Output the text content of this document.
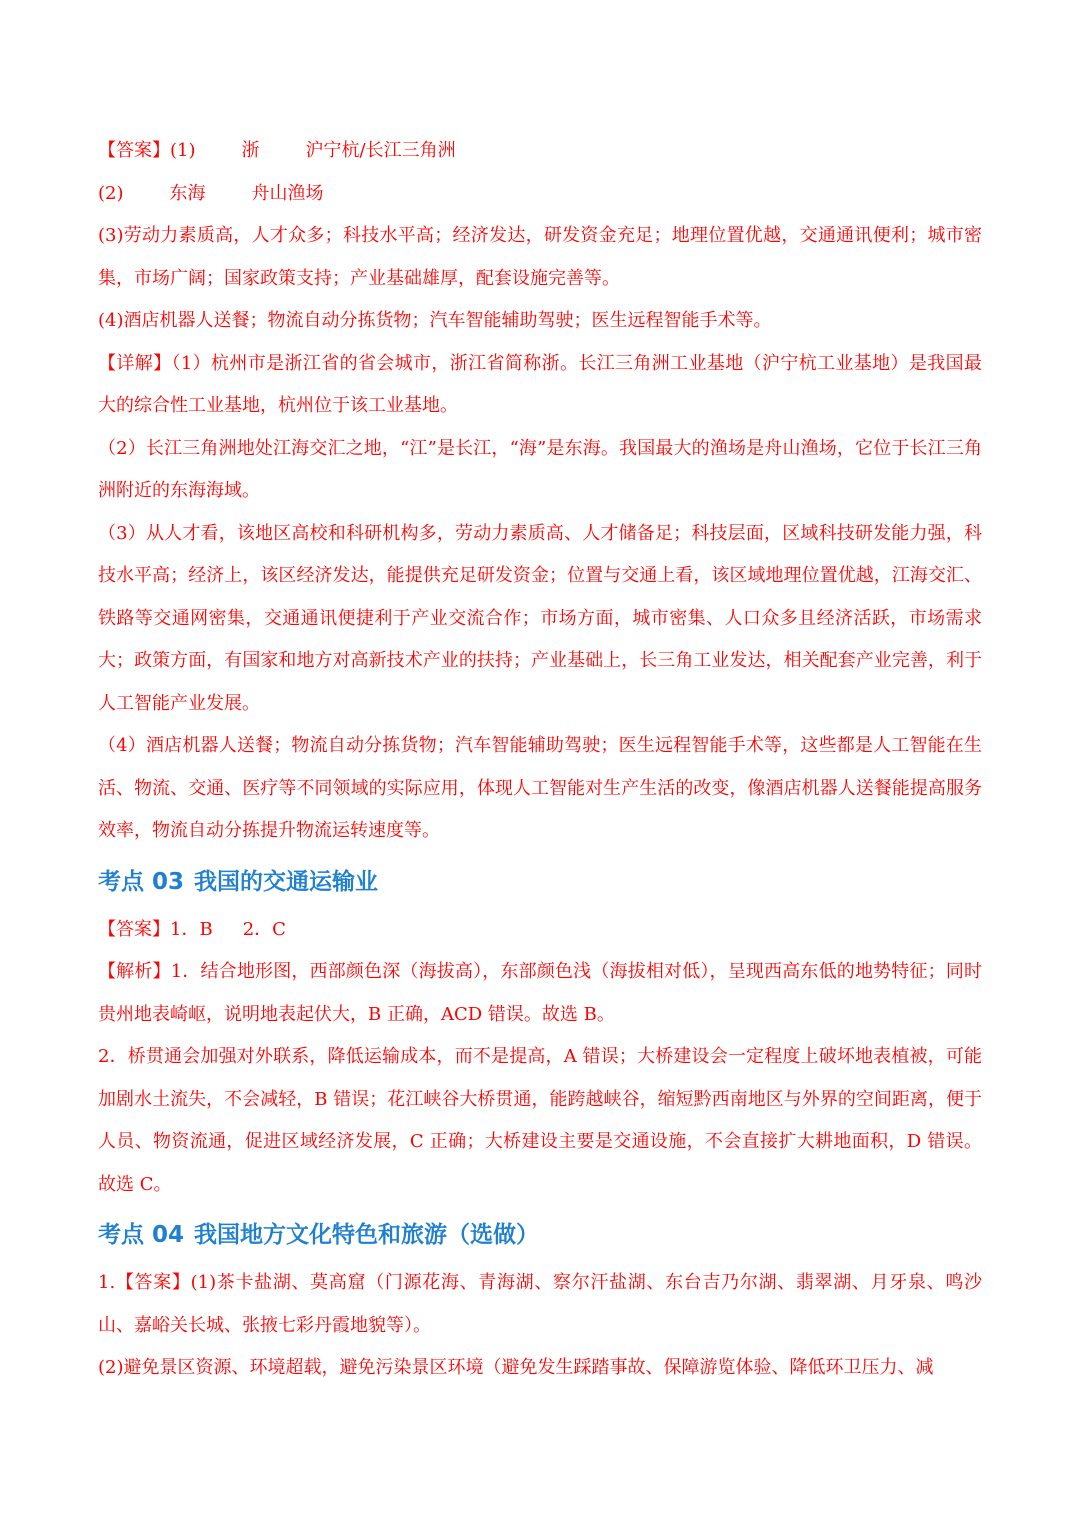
【答案】(1)	浙	沪宁杭/长江三角洲

(2)	东海	舟山渔场

(3)劳动力素质高，人才众多；科技水平高；经济发达，研发资金充足；地理位置优越，交通通讯便利；城市密集，市场广阔；国家政策支持；产业基础雄厚，配套设施完善等。

(4)酒店机器人送餐；物流自动分拣货物；汽车智能辅助驾驶；医生远程智能手术等。

【详解】（1）杭州市是浙江省的省会城市，浙江省简称浙。长江三角洲工业基地（沪宁杭工业基地）是我国最大的综合性工业基地，杭州位于该工业基地。

（2）长江三角洲地处江海交汇之地，“江”是长江，“海”是东海。我国最大的渔场是舟山渔场，它位于长江三角洲附近的东海海域。

（3）从人才看，该地区高校和科研机构多，劳动力素质高、人才储备足；科技层面，区域科技研发能力强，科技水平高；经济上，该区经济发达，能提供充足研发资金；位置与交通上看，该区域地理位置优越，江海交汇、铁路等交通网密集，交通通讯便捷利于产业交流合作；市场方面，城市密集、人口众多且经济活跃，市场需求大；政策方面，有国家和地方对高新技术产业的扶持；产业基础上，长三角工业发达，相关配套产业完善，利于人工智能产业发展。

（4）酒店机器人送餐；物流自动分拣货物；汽车智能辅助驾驶；医生远程智能手术等，这些都是人工智能在生活、物流、交通、医疗等不同领域的实际应用，体现人工智能对生产生活的改变，像酒店机器人送餐能提高服务效率，物流自动分拣提升物流运转速度等。

考点 03 我国的交通运输业

【答案】1．B 2．C

【解析】1．结合地形图，西部颜色深（海拔高），东部颜色浅（海拔相对低），呈现西高东低的地势特征；同时贵州地表崎岖，说明地表起伏大，B 正确，ACD 错误。故选 B。

2．桥贯通会加强对外联系，降低运输成本，而不是提高，A 错误；大桥建设会一定程度上破坏地表植被，可能加剧水土流失，不会减轻，B 错误；花江峡谷大桥贯通，能跨越峡谷，缩短黔西南地区与外界的空间距离，便于人员、物资流通，促进区域经济发展，C 正确；大桥建设主要是交通设施，不会直接扩大耕地面积，D 错误。故选 C。

考点 04 我国地方文化特色和旅游（选做）

1.【答案】(1)茶卡盐湖、莫高窟（门源花海、青海湖、察尔汗盐湖、东台吉乃尔湖、翡翠湖、月牙泉、鸣沙山、嘉峪关长城、张掖七彩丹霞地貌等）。

(2)避免景区资源、环境超载，避免污染景区环境（避免发生踩踏事故、保障游览体验、降低环卫压力、减
